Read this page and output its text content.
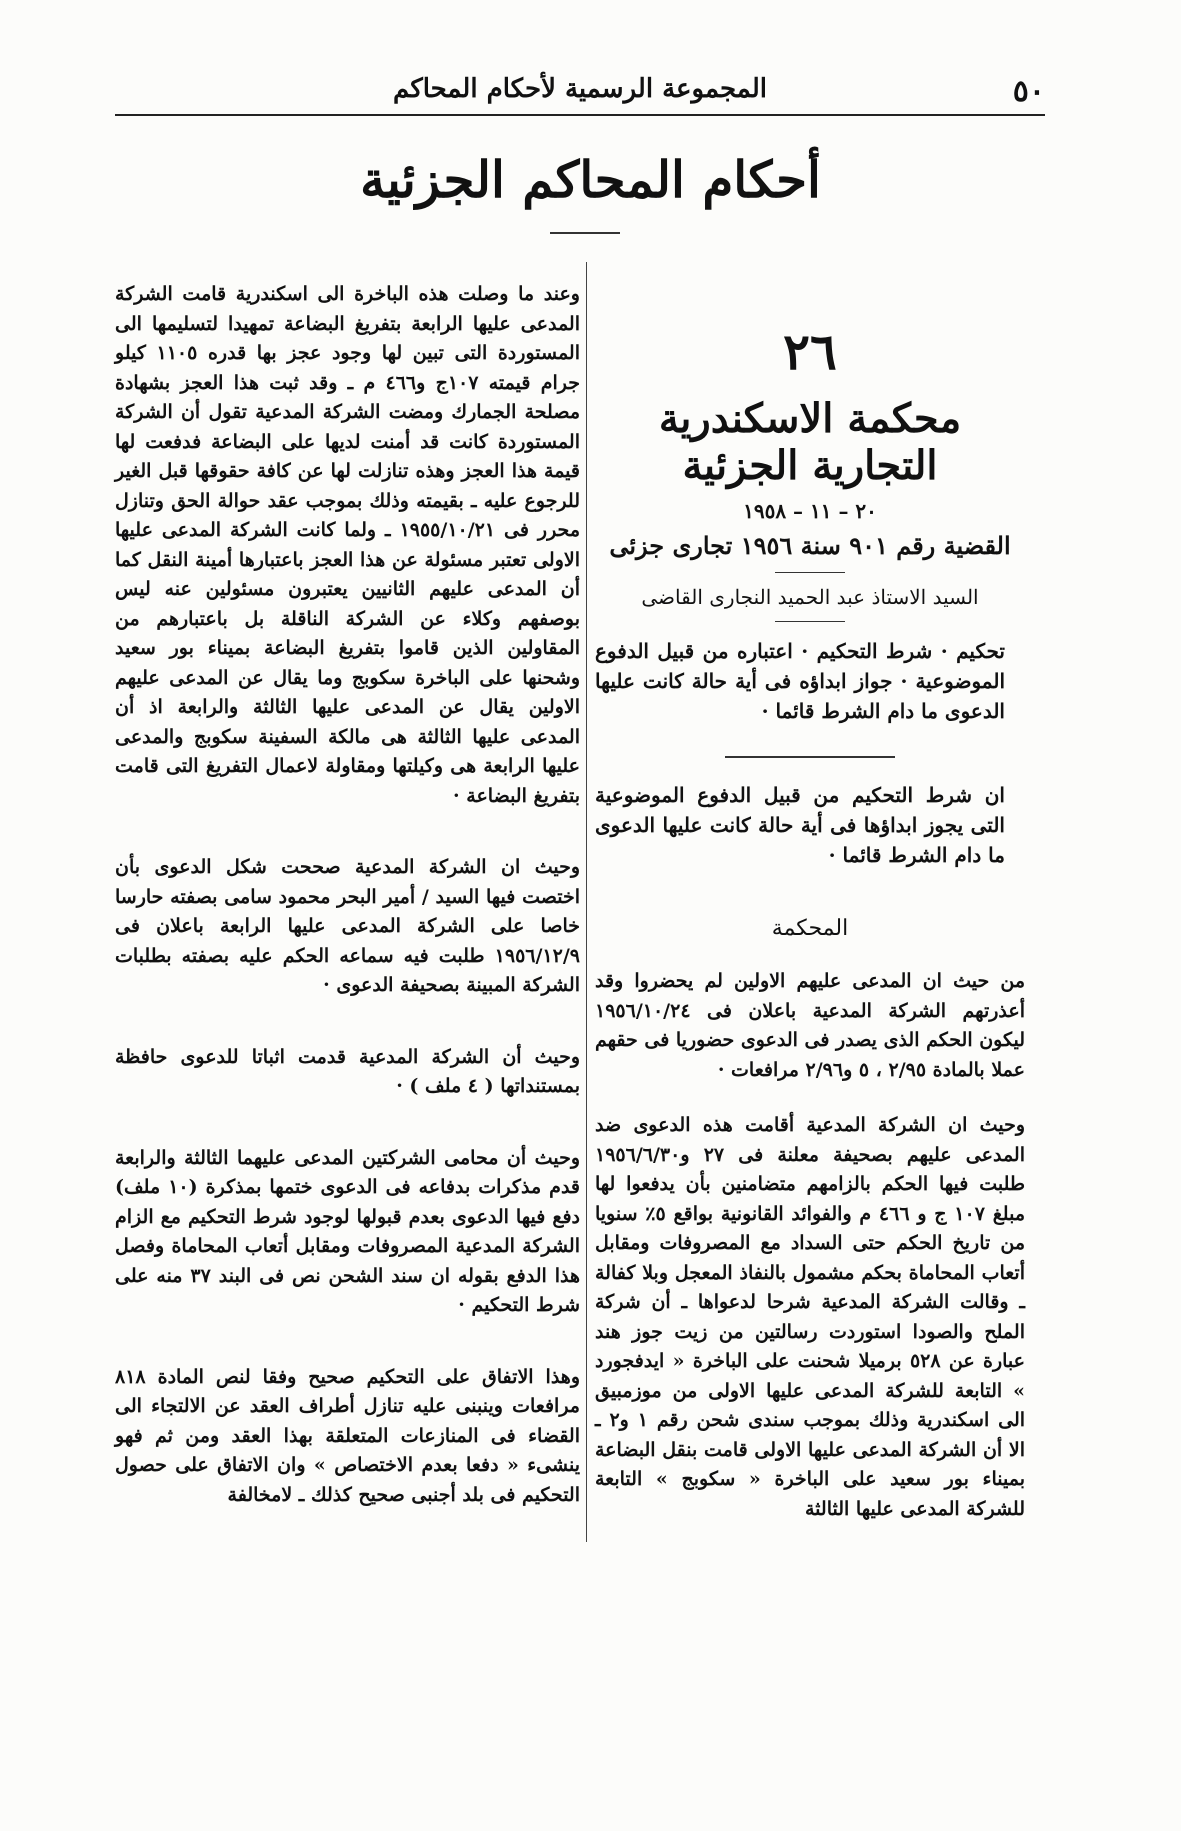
٥٠
المجموعة الرسمية لأحكام المحاكم
أحكام المحاكم الجزئية
٢٦
محكمة الاسكندرية التجارية الجزئية
٢٠ – ١١ – ١٩٥٨
القضية رقم ٩٠١ سنة ١٩٥٦ تجارى جزئى
السيد الاستاذ عبد الحميد النجارى القاضى
تحكيم · شرط التحكيم · اعتباره من قبيل الدفوع الموضوعية · جواز ابداؤه فى أية حالة كانت عليها الدعوى ما دام الشرط قائما ·
ان شرط التحكيم من قبيل الدفوع الموضوعية التى يجوز ابداؤها فى أية حالة كانت عليها الدعوى ما دام الشرط قائما ·
المحكمة

من حيث ان المدعى عليهم الاولين لم يحضروا وقد أعذرتهم الشركة المدعية باعلان فى ١٩٥٦/١٠/٢٤ ليكون الحكم الذى يصدر فى الدعوى حضوريا فى حقهم عملا بالمادة ٢/٩٥ ، ٥ و٢/٩٦ مرافعات ·

وحيث ان الشركة المدعية أقامت هذه الدعوى ضد المدعى عليهم بصحيفة معلنة فى ٢٧ و١٩٥٦/٦/٣٠ طلبت فيها الحكم بالزامهم متضامنين بأن يدفعوا لها مبلغ ١٠٧ ج و ٤٦٦ م والفوائد القانونية بواقع ٥٪ سنويا من تاريخ الحكم حتى السداد مع المصروفات ومقابل أتعاب المحاماة بحكم مشمول بالنفاذ المعجل وبلا كفالة ـ وقالت الشركة المدعية شرحا لدعواها ـ أن شركة الملح والصودا استوردت رسالتين من زيت جوز هند عبارة عن ٥٢٨ برميلا شحنت على الباخرة « ايدفجورد » التابعة للشركة المدعى عليها الاولى من موزمبيق الى اسكندرية وذلك بموجب سندى شحن رقم ١ و٢ ـ الا أن الشركة المدعى عليها الاولى قامت بنقل البضاعة بميناء بور سعيد على الباخرة « سكوبج » التابعة للشركة المدعى عليها الثالثة

وعند ما وصلت هذه الباخرة الى اسكندرية قامت الشركة المدعى عليها الرابعة بتفريغ البضاعة تمهيدا لتسليمها الى المستوردة التى تبين لها وجود عجز بها قدره ١١٠٥ كيلو جرام قيمته ١٠٧ج و٤٦٦ م ـ وقد ثبت هذا العجز بشهادة مصلحة الجمارك ومضت الشركة المدعية تقول أن الشركة المستوردة كانت قد أمنت لديها على البضاعة فدفعت لها قيمة هذا العجز وهذه تنازلت لها عن كافة حقوقها قبل الغير للرجوع عليه ـ بقيمته وذلك بموجب عقد حوالة الحق وتنازل محرر فى ١٩٥٥/١٠/٢١ ـ ولما كانت الشركة المدعى عليها الاولى تعتبر مسئولة عن هذا العجز باعتبارها أمينة النقل كما أن المدعى عليهم الثانيين يعتبرون مسئولين عنه ليس بوصفهم وكلاء عن الشركة الناقلة بل باعتبارهم من المقاولين الذين قاموا بتفريغ البضاعة بميناء بور سعيد وشحنها على الباخرة سكوبج وما يقال عن المدعى عليهم الاولين يقال عن المدعى عليها الثالثة والرابعة اذ أن المدعى عليها الثالثة هى مالكة السفينة سكوبج والمدعى عليها الرابعة هى وكيلتها ومقاولة لاعمال التفريغ التى قامت بتفريغ البضاعة ·

وحيث ان الشركة المدعية صححت شكل الدعوى بأن اختصت فيها السيد / أمير البحر محمود سامى بصفته حارسا خاصا على الشركة المدعى عليها الرابعة باعلان فى ١٩٥٦/١٢/٩ طلبت فيه سماعه الحكم عليه بصفته بطلبات الشركة المبينة بصحيفة الدعوى ·

وحيث أن الشركة المدعية قدمت اثباتا للدعوى حافظة بمستنداتها ( ٤ ملف ) ·

وحيث أن محامى الشركتين المدعى عليهما الثالثة والرابعة قدم مذكرات بدفاعه فى الدعوى ختمها بمذكرة (١٠ ملف) دفع فيها الدعوى بعدم قبولها لوجود شرط التحكيم مع الزام الشركة المدعية المصروفات ومقابل أتعاب المحاماة وفصل هذا الدفع بقوله ان سند الشحن نص فى البند ٣٧ منه على شرط التحكيم ·

وهذا الاتفاق على التحكيم صحيح وفقا لنص المادة ٨١٨ مرافعات وينبنى عليه تنازل أطراف العقد عن الالتجاء الى القضاء فى المنازعات المتعلقة بهذا العقد ومن ثم فهو ينشىء « دفعا بعدم الاختصاص » وان الاتفاق على حصول التحكيم فى بلد أجنبى صحيح كذلك ـ لامخالفة
